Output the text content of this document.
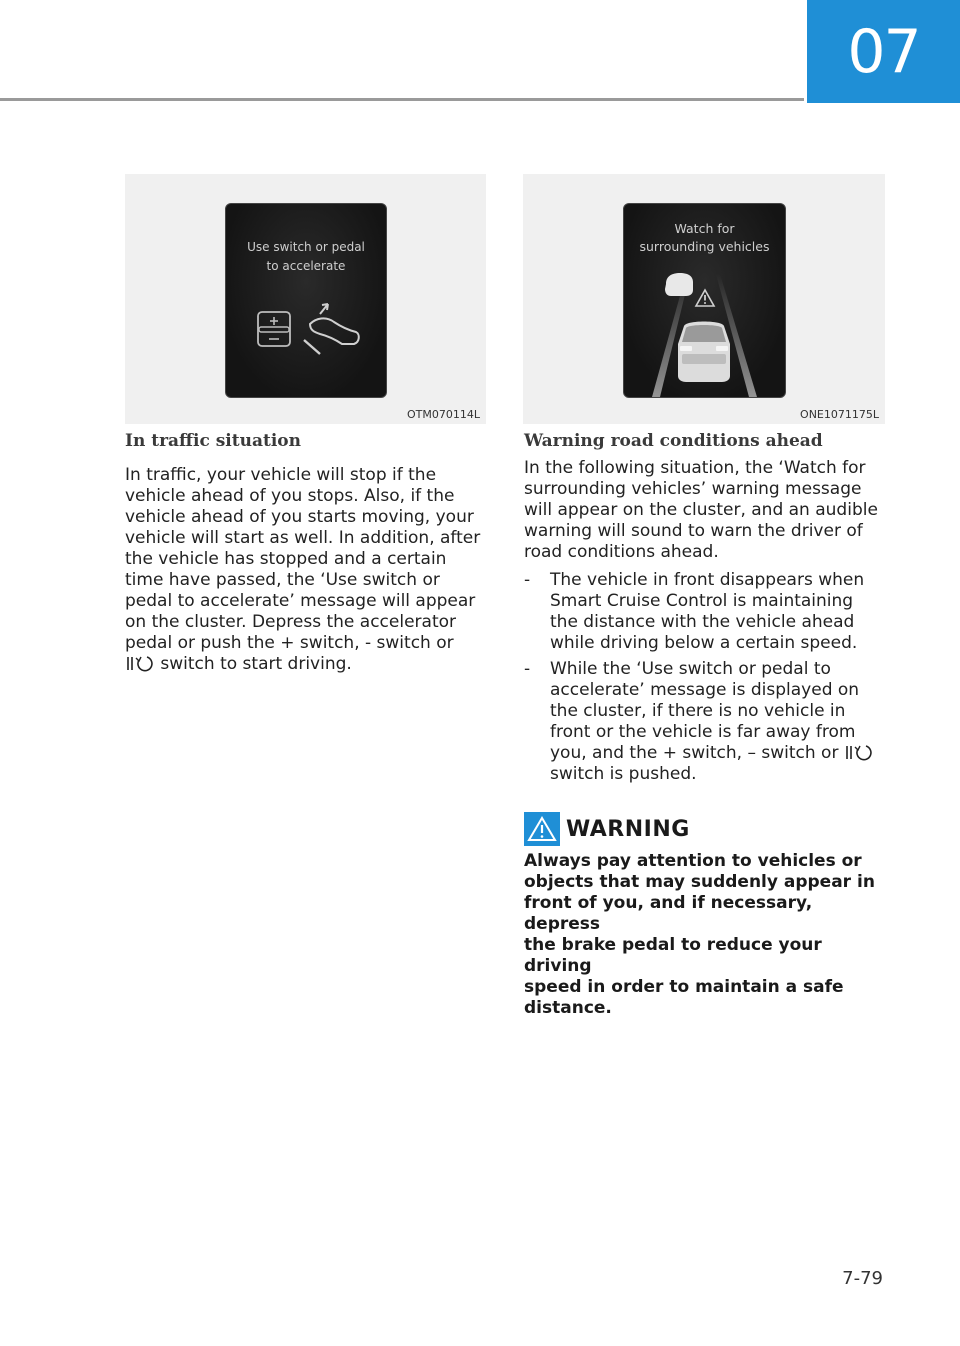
07
Use switch or pedal
to accelerate
OTM070114L
Watch for
surrounding vehicles
ONE1071175L
In traffic situation
In traffic, your vehicle will stop if the
vehicle ahead of you stops. Also, if the
vehicle ahead of you starts moving, your
vehicle will start as well. In addition, after
the vehicle has stopped and a certain
time have passed, the ‘Use switch or
pedal to accelerate’ message will appear
on the cluster. Depress the accelerator
pedal or push the + switch, - switch or
switch to start driving.
Warning road conditions ahead
In the following situation, the ‘Watch for
surrounding vehicles’ warning message
will appear on the cluster, and an audible
warning will sound to warn the driver of
road conditions ahead.
- The vehicle in front disappears when
Smart Cruise Control is maintaining
the distance with the vehicle ahead
while driving below a certain speed.
- While the ‘Use switch or pedal to
accelerate’ message is displayed on
the cluster, if there is no vehicle in
front or the vehicle is far away from
you, and the + switch, – switch or
switch is pushed.
WARNING
Always pay attention to vehicles or
objects that may suddenly appear in
front of you, and if necessary, depress
the brake pedal to reduce your driving
speed in order to maintain a safe
distance.
7-79
